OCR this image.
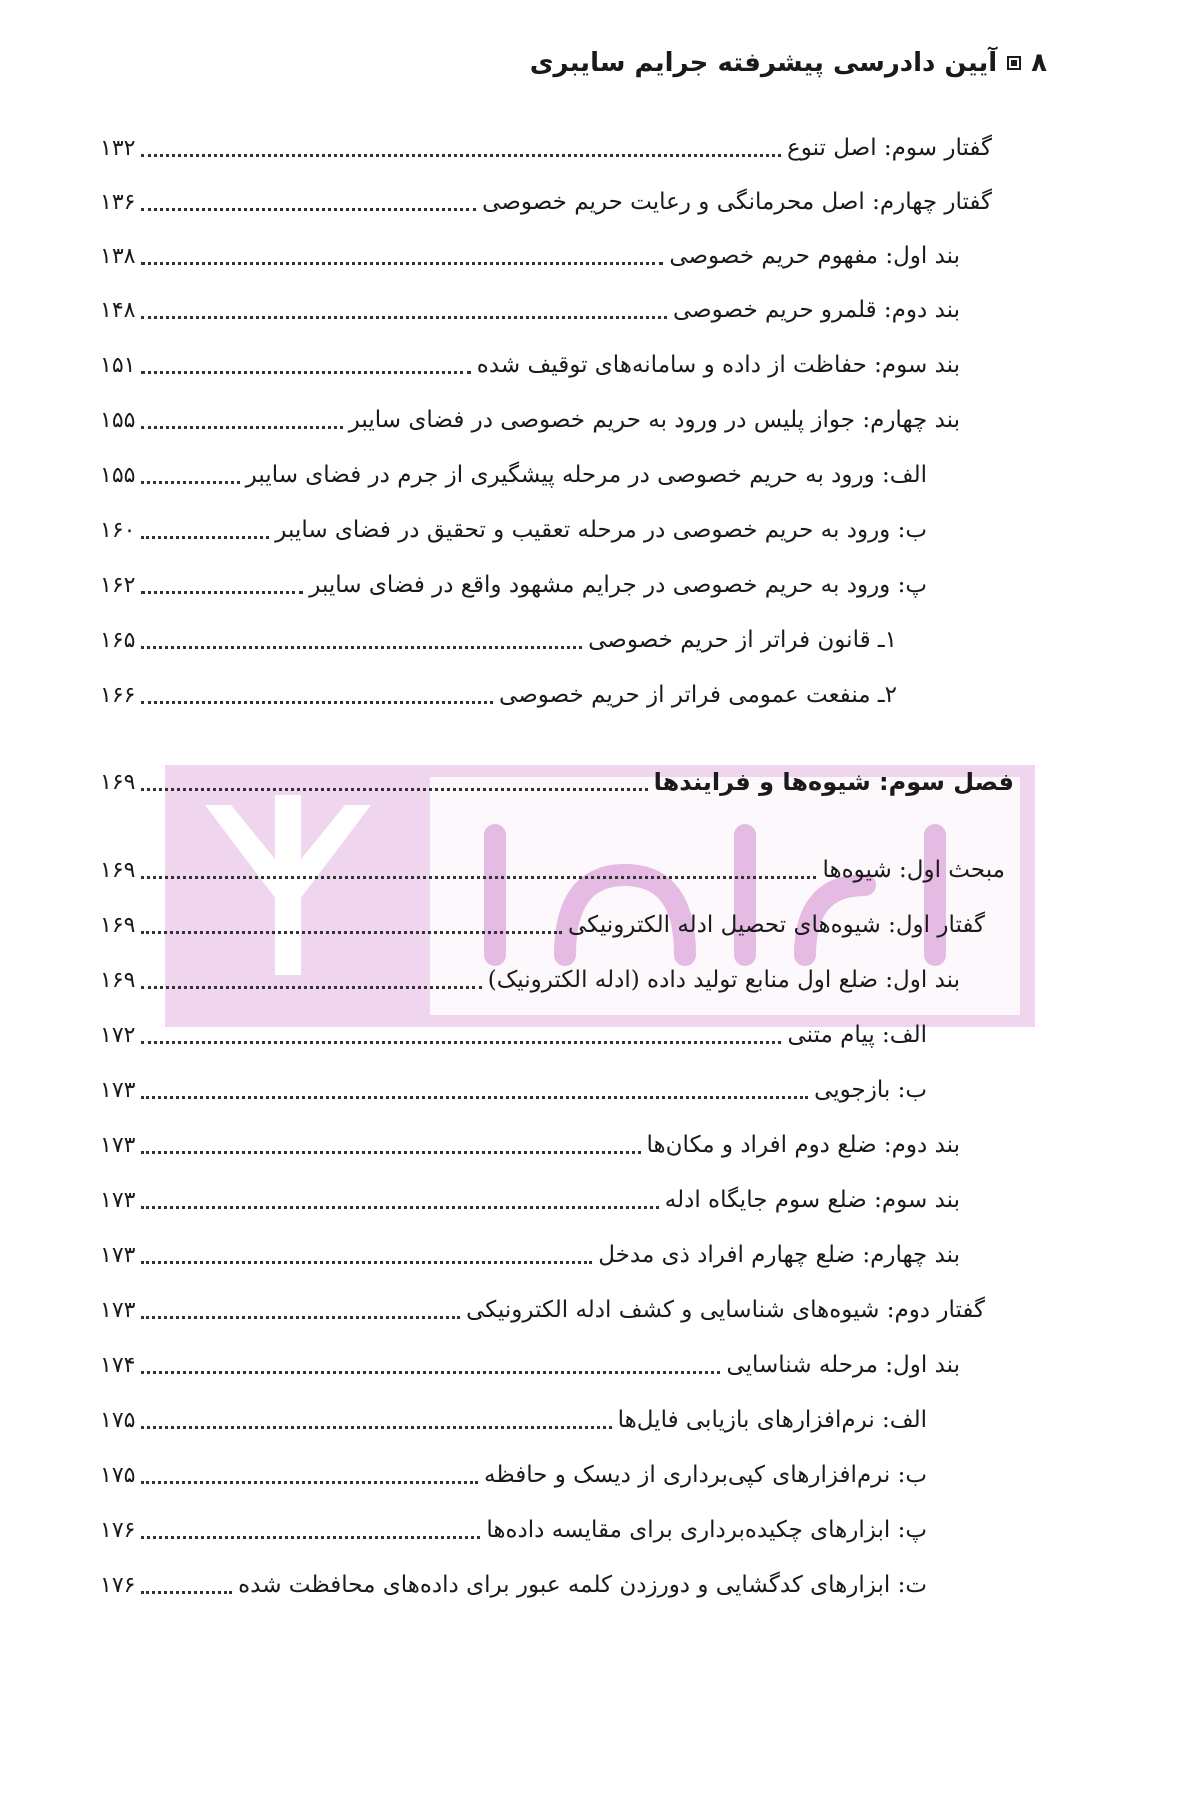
۸
آیین دادرسی پیشرفته جرایم سایبری
گفتار سوم: اصل تنوع
۱۳۲
گفتار چهارم: اصل محرمانگی و رعایت حریم خصوصی
۱۳۶
بند اول: مفهوم حریم خصوصی
۱۳۸
بند دوم: قلمرو حریم خصوصی
۱۴۸
بند سوم: حفاظت از داده و سامانه‌های توقیف شده
۱۵۱
بند چهارم: جواز پلیس در ورود به حریم خصوصی در فضای سایبر
۱۵۵
الف: ورود به حریم خصوصی در مرحله پیشگیری از جرم در فضای سایبر
۱۵۵
ب: ورود به حریم خصوصی در مرحله تعقیب و تحقیق در فضای سایبر
۱۶۰
پ: ورود به حریم خصوصی در جرایم مشهود واقع در فضای سایبر
۱۶۲
۱ـ قانون فراتر از حریم خصوصی
۱۶۵
۲ـ منفعت عمومی فراتر از حریم خصوصی
۱۶۶
فصل سوم: شیوه‌ها و فرایندها
۱۶۹
مبحث اول: شیوه‌ها
۱۶۹
گفتار اول: شیوه‌های تحصیل ادله الکترونیکی
۱۶۹
بند اول: ضلع اول منابع تولید داده (ادله الکترونیک)
۱۶۹
الف: پیام متنی
۱۷۲
ب: بازجویی
۱۷۳
بند دوم: ضلع دوم افراد و مکان‌ها
۱۷۳
بند سوم: ضلع سوم جایگاه ادله
۱۷۳
بند چهارم: ضلع چهارم افراد ذی مدخل
۱۷۳
گفتار دوم: شیوه‌های شناسایی و کشف ادله الکترونیکی
۱۷۳
بند اول: مرحله شناسایی
۱۷۴
الف: نرم‌افزارهای بازیابی فایل‌ها
۱۷۵
ب: نرم‌افزارهای کپی‌برداری از دیسک و حافظه
۱۷۵
پ: ابزارهای چکیده‌برداری برای مقایسه داده‌ها
۱۷۶
ت: ابزارهای کدگشایی و دورزدن کلمه عبور برای داده‌های محافظت شده
۱۷۶
